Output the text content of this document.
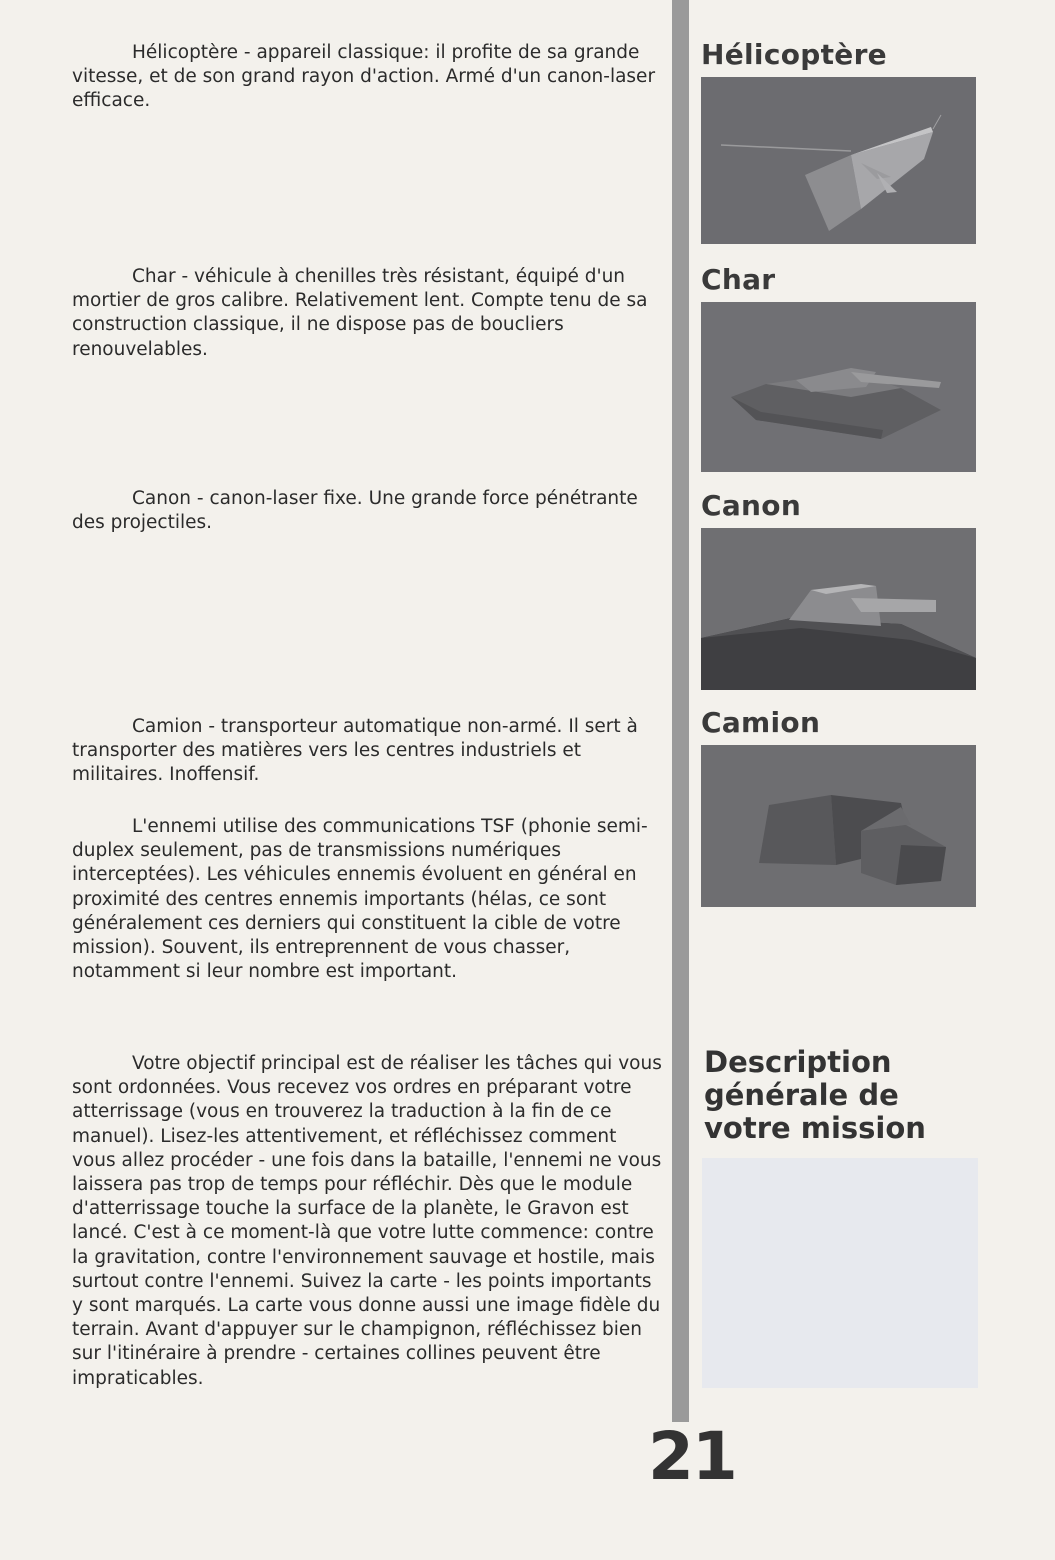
Hélicoptère - appareil classique: il profite de sa grande vitesse, et de son grand rayon d'action. Armé d'un canon-laser efficace.

Char - véhicule à chenilles très résistant, équipé d'un mortier de gros calibre. Relativement lent. Compte tenu de sa construction classique, il ne dispose pas de boucliers renouvelables.

Canon - canon-laser fixe. Une grande force pénétrante des projectiles.

Camion - transporteur automatique non-armé. Il sert à transporter des matières vers les centres industriels et militaires. Inoffensif.

L'ennemi utilise des communications TSF (phonie semi-duplex seulement, pas de transmissions numériques interceptées). Les véhicules ennemis évoluent en général en proximité des centres ennemis importants (hélas, ce sont généralement ces derniers qui constituent la cible de votre mission). Souvent, ils entreprennent de vous chasser, notamment si leur nombre est important.

Votre objectif principal est de réaliser les tâches qui vous sont ordonnées. Vous recevez vos ordres en préparant votre atterrissage (vous en trouverez la traduction à la fin de ce manuel). Lisez-les attentivement, et réfléchissez comment vous allez procéder - une fois dans la bataille, l'ennemi ne vous laissera pas trop de temps pour réfléchir. Dès que le module d'atterrissage touche la surface de la planète, le Gravon est lancé. C'est à ce moment-là que votre lutte commence: contre la gravitation, contre l'environnement sauvage et hostile, mais surtout contre l'ennemi. Suivez la carte - les points importants y sont marqués. La carte vous donne aussi une image fidèle du terrain. Avant d'appuyer sur le champignon, réfléchissez bien sur l'itinéraire à prendre - certaines collines peuvent être impraticables.

Hélicoptère
Char
Canon
Camion
Description
générale de
votre mission
21
